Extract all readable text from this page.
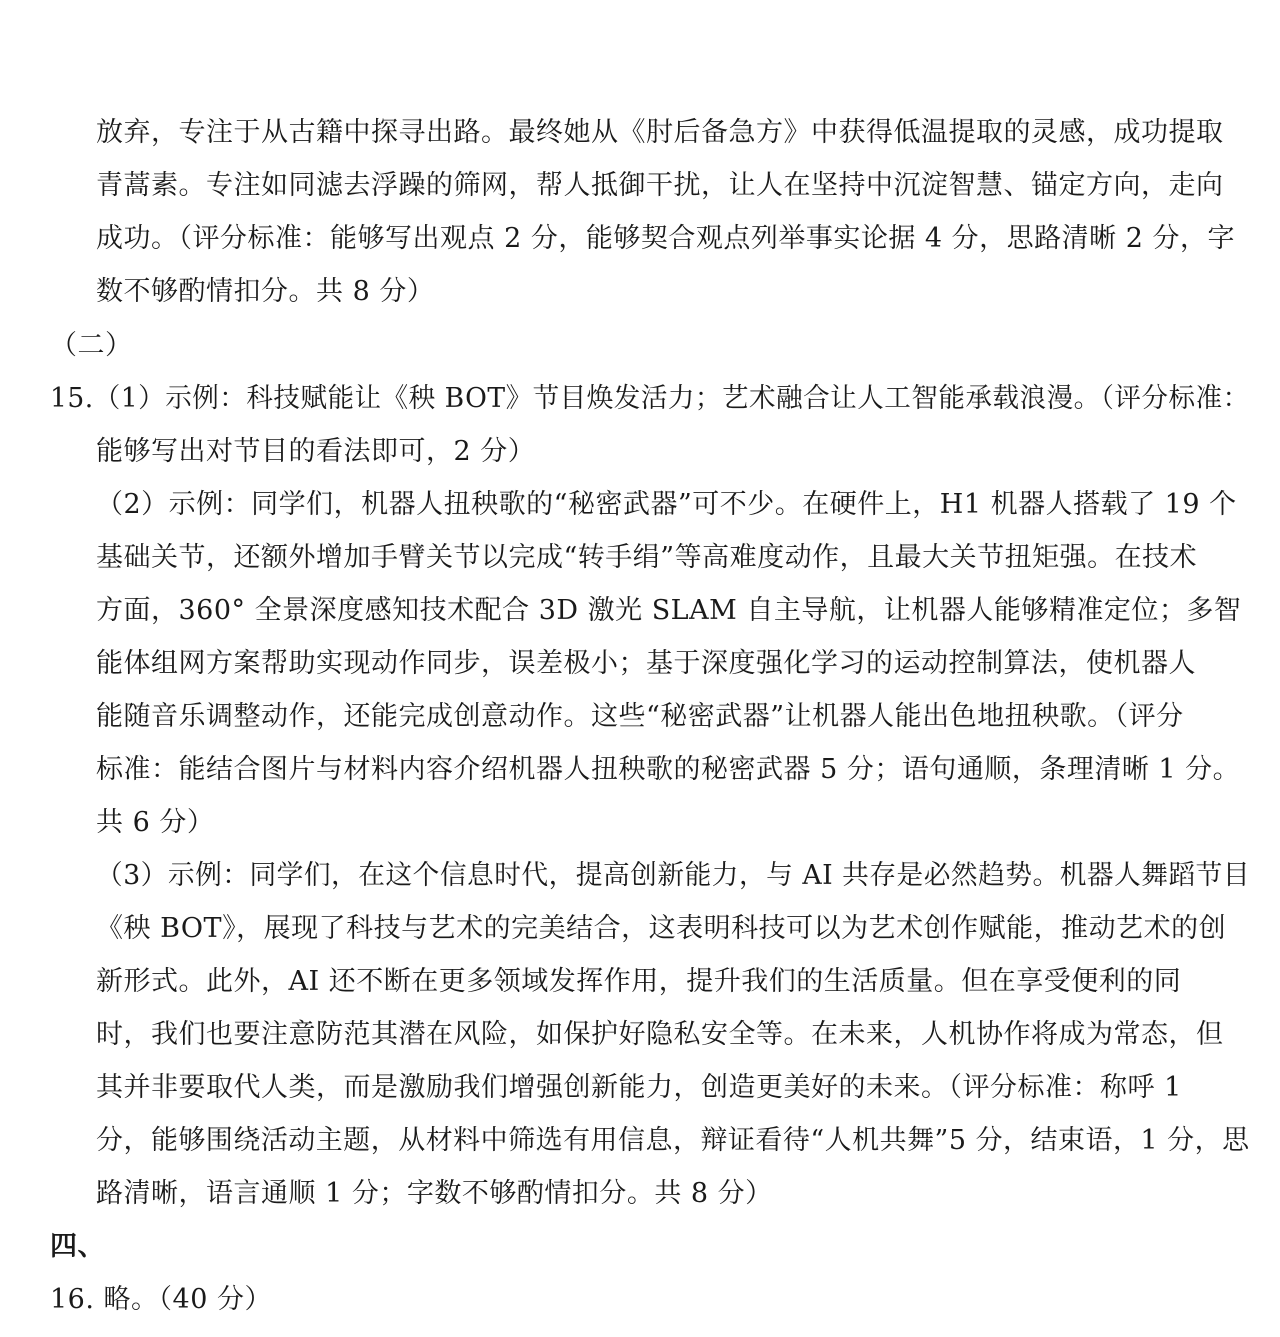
放弃，专注于从古籍中探寻出路。最终她从《肘后备急方》中获得低温提取的灵感，成功提取
青蒿素。专注如同滤去浮躁的筛网，帮人抵御干扰，让人在坚持中沉淀智慧、锚定方向，走向
成功。（评分标准：能够写出观点 2 分，能够契合观点列举事实论据 4 分，思路清晰 2 分，字
数不够酌情扣分。共 8 分）
（二）
15.（1）示例：科技赋能让《秧 BOT》节目焕发活力；艺术融合让人工智能承载浪漫。（评分标准：
能够写出对节目的看法即可，2 分）
（2）示例：同学们，机器人扭秧歌的“秘密武器”可不少。在硬件上，H1 机器人搭载了 19 个
基础关节，还额外增加手臂关节以完成“转手绢”等高难度动作，且最大关节扭矩强。在技术
方面，360° 全景深度感知技术配合 3D 激光 SLAM 自主导航，让机器人能够精准定位；多智
能体组网方案帮助实现动作同步，误差极小；基于深度强化学习的运动控制算法，使机器人
能随音乐调整动作，还能完成创意动作。这些“秘密武器”让机器人能出色地扭秧歌。（评分
标准：能结合图片与材料内容介绍机器人扭秧歌的秘密武器 5 分；语句通顺，条理清晰 1 分。
共 6 分）
（3）示例：同学们，在这个信息时代，提高创新能力，与 AI 共存是必然趋势。机器人舞蹈节目
《秧 BOT》，展现了科技与艺术的完美结合，这表明科技可以为艺术创作赋能，推动艺术的创
新形式。此外，AI 还不断在更多领域发挥作用，提升我们的生活质量。但在享受便利的同
时，我们也要注意防范其潜在风险，如保护好隐私安全等。在未来，人机协作将成为常态，但
其并非要取代人类，而是激励我们增强创新能力，创造更美好的未来。（评分标准：称呼 1
分，能够围绕活动主题，从材料中筛选有用信息，辩证看待“人机共舞”5 分，结束语，1 分，思
路清晰，语言通顺 1 分；字数不够酌情扣分。共 8 分）
四、
16. 略。（40 分）
